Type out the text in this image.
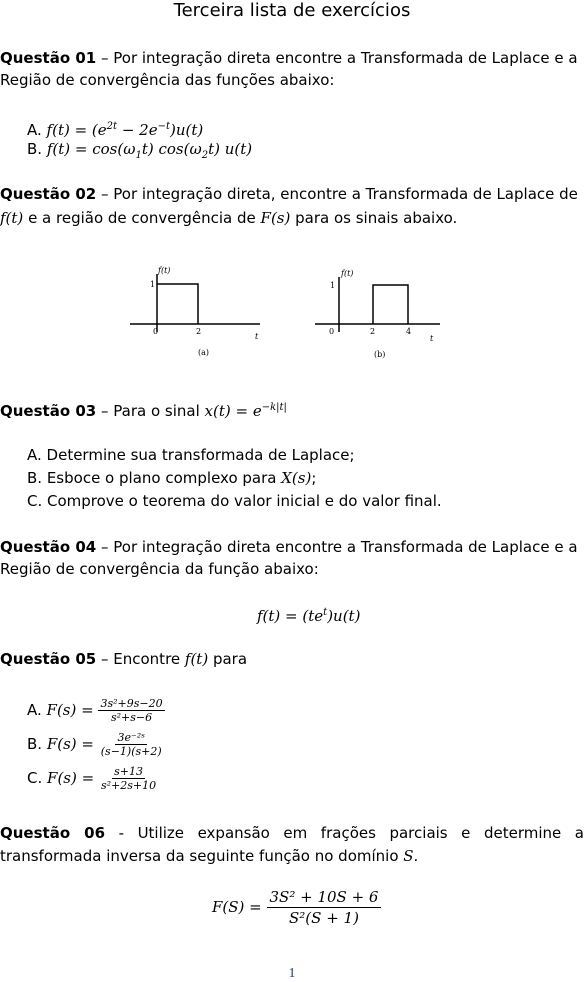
Terceira lista de exercícios
Questão 01 – Por integração direta encontre a Transformada de Laplace e a
Região de convergência das funções abaixo:
A. $f(t) = (e^{2t} - 2e^{-t})u(t)$
B. $f(t) = \cos(\omega_1t)$ $\cos(\omega_2t)$ u(t)
Questão 02 – Por integração direta, encontre a Transformada de Laplace de
f(t) e a região de convergência de F(s) para os sinais abaixo.
f(t)
1
0	2
t
(a)
f(t)
1
0	2	4
t
(b)
Questão 03 – Para o sinal $x(t) = e^{-k|t|}$
A. Determine sua transformada de Laplace;
B. Esboce o plano complexo para X(s);
C. Comprove o teorema do valor inicial e do valor final.
Questão 04 – Por integração direta encontre a Transformada de Laplace e a
Região de convergência da função abaixo:
$f(t) = (te^t)u(t)$
Questão 05 – Encontre f(t) para
A. $F(s) = \frac{\text{3s²+9s−20}}{\text{s²+s−6}}$
B. $F(s) = \frac{\text{3e⁻²ˢ}}{(s-1)(s+2)}$
C. $F(s) = \frac{s+13}{\text{s²+2s+10}}$
Questão 06 - Utilize expansão em frações parciais e determine a
transformada inversa da seguinte função no domínio S.
$F(S) = \frac{\text{3S² + 10S + 6}}{\text{S²(S + 1)}}$
1
